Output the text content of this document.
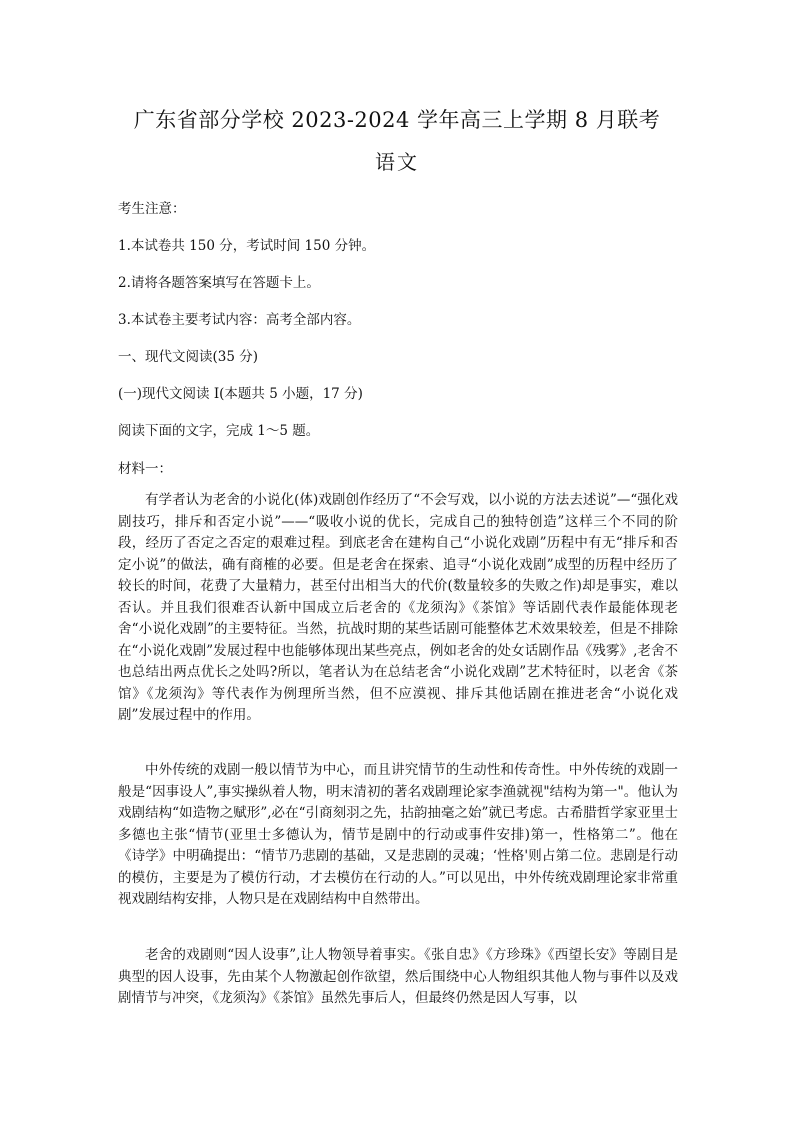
广东省部分学校 2023-2024 学年高三上学期 8 月联考
语文
考生注意：
1.本试卷共 150 分，考试时间 150 分钟。
2.请将各题答案填写在答题卡上。
3.本试卷主要考试内容：高考全部内容。
一、现代文阅读(35 分)
(一)现代文阅读 I(本题共 5 小题，17 分)
阅读下面的文字，完成 1～5 题。
材料一：
有学者认为老舍的小说化(体)戏剧创作经历了“不会写戏，以小说的方法去述说”—“强化戏剧技巧，排斥和否定小说”——“吸收小说的优长，完成自己的独特创造”这样三个不同的阶段，经历了否定之否定的艰难过程。到底老舍在建构自己“小说化戏剧”历程中有无“排斥和否定小说”的做法，确有商榷的必要。但是老舍在探索、追寻“小说化戏剧”成型的历程中经历了较长的时间，花费了大量精力，甚至付出相当大的代价(数量较多的失败之作)却是事实，难以否认。并且我们很难否认新中国成立后老舍的《龙须沟》《茶馆》等话剧代表作最能体现老舍“小说化戏剧”的主要特征。当然，抗战时期的某些话剧可能整体艺术效果较差，但是不排除在“小说化戏剧”发展过程中也能够体现出某些亮点，例如老舍的处女话剧作品《残雾》,老舍不也总结出两点优长之处吗?所以，笔者认为在总结老舍“小说化戏剧”艺术特征时，以老舍《茶馆》《龙须沟》等代表作为例理所当然，但不应漠视、排斥其他话剧在推进老舍“小说化戏剧”发展过程中的作用。
中外传统的戏剧一般以情节为中心，而且讲究情节的生动性和传奇性。中外传统的戏剧一般是“因事设人”,事实操纵着人物，明末清初的著名戏剧理论家李渔就视"结构为第一"。他认为戏剧结构“如造物之赋形”,必在“引商刻羽之先，拈韵抽毫之始”就已考虑。古希腊哲学家亚里士多德也主张“情节(亚里士多德认为，情节是剧中的行动或事件安排)第一，性格第二”。他在《诗学》中明确提出：“情节乃悲剧的基础，又是悲剧的灵魂；‘性格'则占第二位。悲剧是行动的模仿，主要是为了模仿行动，才去模仿在行动的人。”可以见出，中外传统戏剧理论家非常重视戏剧结构安排，人物只是在戏剧结构中自然带出。
老舍的戏剧则“因人设事”,让人物领导着事实。《张自忠》《方珍珠》《西望长安》等剧目是典型的因人设事，先由某个人物激起创作欲望，然后围绕中心人物组织其他人物与事件以及戏剧情节与冲突，《龙须沟》《茶馆》虽然先事后人，但最终仍然是因人写事，以
